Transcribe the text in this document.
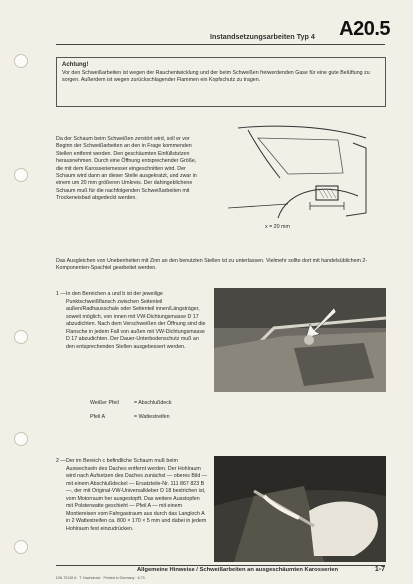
Instandsetzungsarbeiten Typ 4 A20.5
Achtung!
Vor den Schweißarbeiten ist wegen der Rauchentwicklung und der beim Schweißen freiwerdenden Gase für eine gute Belüftung zu sorgen. Außerdem ist wegen zurückschlagender Flammen ein Kopfschutz zu tragen.
Da der Schaum beim Schweißen zerstört wird, soll er vor Beginn der Schweißarbeiten an den in Frage kommenden Stellen entfernt werden. Den geschäumten Einfüllstutzen herausnehmen. Durch eine Öffnung entsprechender Größe, die mit dem Karosseriemesser eingeschnitten wird. Der Schaum wird dann an dieser Stelle ausgekratzt, und zwar in einem um 20 mm größeren Umkreis. Der dahingeblichene Schaum muß für die nachfolgenden Schweißarbeiten mit Trockeneisbad abgedeckt werden.
x = 20 mm
Das Ausgleichen von Unebenheiten mit Zinn an den benutzten Stellen ist zu unterlassen. Vielmehr sollte dort mit handelsüblichem 2-Komponenten-Spachtel gearbeitet werden.
1 — In den Bereichen a und b ist der jeweilige Punktschweißflansch zwischen Seitenteil außen/Radhausschale oder Seitenteil innen/Längsträger, soweit möglich, von innen mit VW-Dichtungsmasse D 17 abzudichten. Nach dem Verschweißen der Öffnung sind die Flansche in jedem Fall von außen mit VW-Dichtungsmasse D 17 abzudichten. Der Dauer-Unterbodenschutz muß an den entsprechenden Stellen ausgebessert werden.
Weißer Pfeil	= Abschlußdeck
Pfeil A	= Wattestreifen
2 — Der im Bereich c befindliche Schaum muß beim Auswechseln des Daches entfernt werden. Der Hohlraum wird nach Aufsetzen des Daches zunächst — oberes Bild — mit einem Abschlußdeckel — Ersatzteile-Nr. 111 867 823 B —, der mit Original-VW-Universalkleber D 18 bestrichen ist, vom Motorraum her ausgestopft. Das weitere Ausstopfen mit Polsterwatte geschieht — Pfeil A — mit einem Montiereisen vom Fahrgastraum aus durch das Langloch A in 2 Wattestreifen ca. 800 × 170 × 5 mm und dabei in jedem Hohlraum fest einzudrücken.
Allgemeine Hinweise / Schweißarbeiten an ausgeschäumten Karosserien	1-7
DIN 70128 A · T. Nachdruck · Printed in Germany · 6.73
